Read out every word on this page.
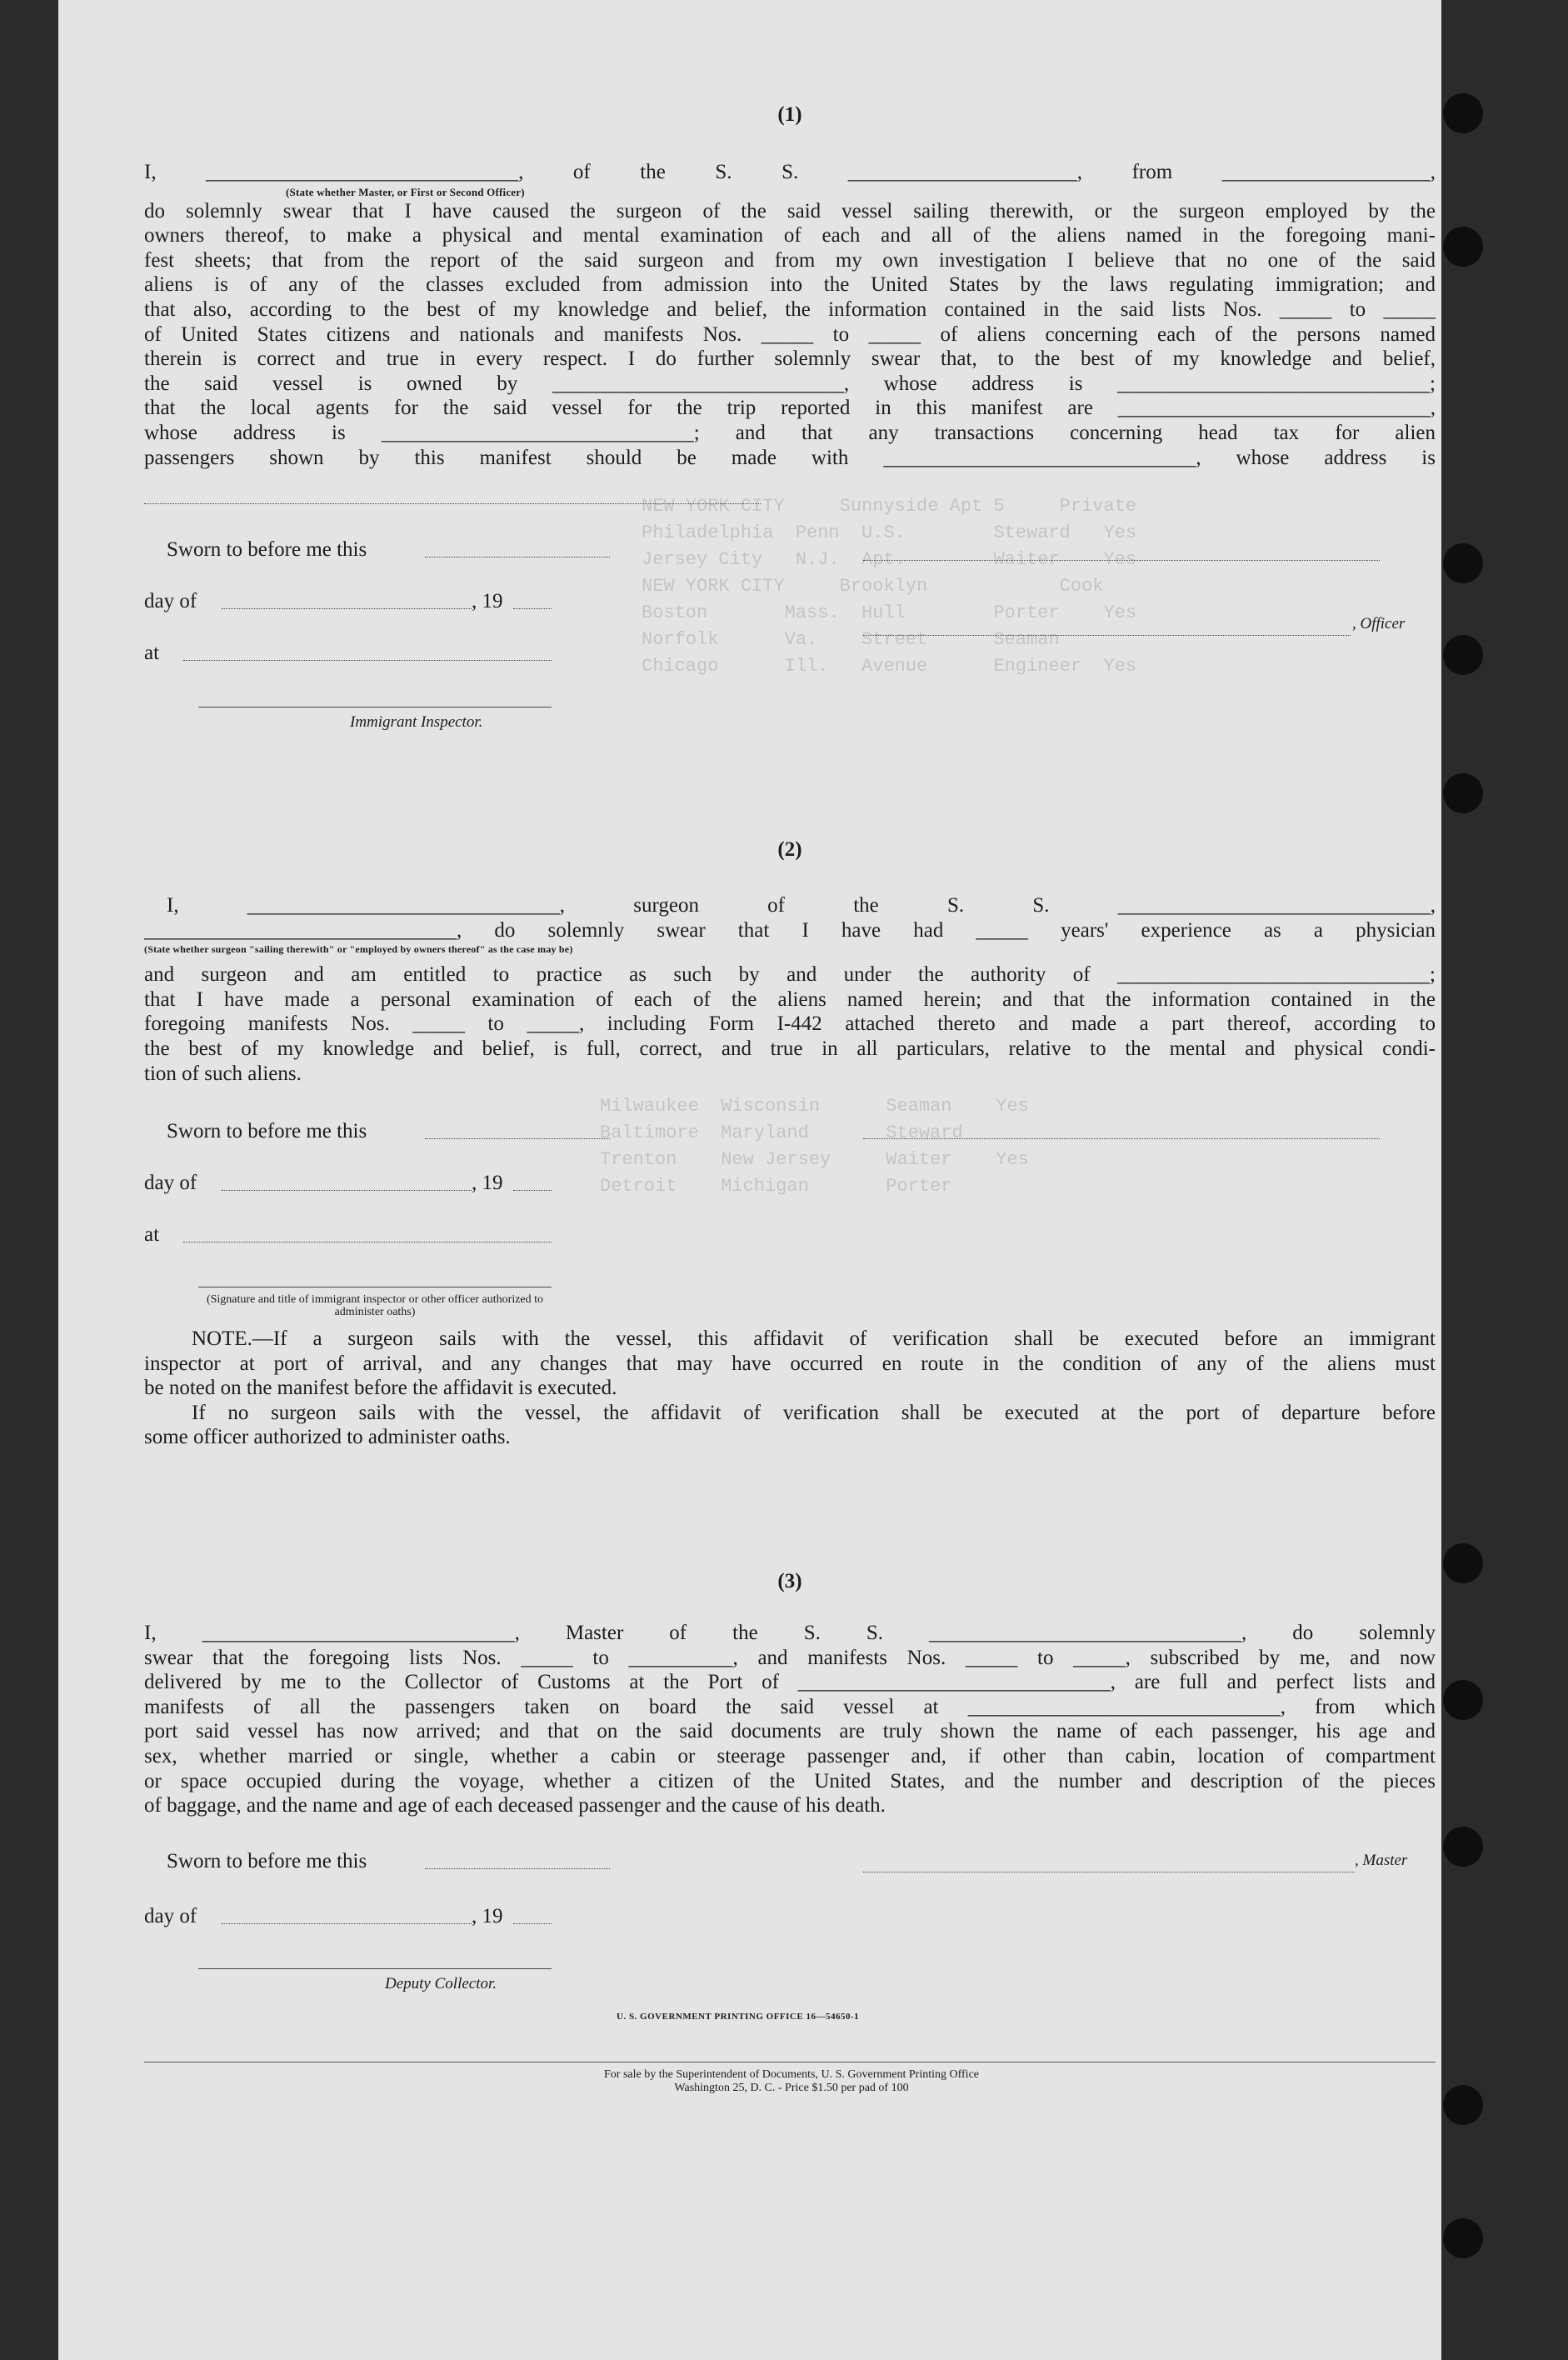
NEW YORK CITY     Sunnyside Apt 5     Private
Philadelphia  Penn  U.S.        Steward   Yes
Jersey City   N.J.  Apt.        Waiter    Yes
NEW YORK CITY     Brooklyn            Cook
Boston       Mass.  Hull        Porter    Yes
Norfolk      Va.    Street      Seaman
Chicago      Ill.   Avenue      Engineer  Yes

Milwaukee  Wisconsin      Seaman    Yes
Baltimore  Maryland       Steward
Trenton    New Jersey     Waiter    Yes
Detroit    Michigan       Porter

(1)

I, ______________________________, of the S. S. ______________________, from ____________________,

(State whether Master, or First or Second Officer)

do solemnly swear that I have caused the surgeon of the said vessel sailing therewith, or the surgeon employed by the

owners thereof, to make a physical and mental examination of each and all of the aliens named in the foregoing mani-

fest sheets; that from the report of the said surgeon and from my own investigation I believe that no one of the said

aliens is of any of the classes excluded from admission into the United States by the laws regulating immigration; and

that also, according to the best of my knowledge and belief, the information contained in the said lists Nos. _____ to _____

of United States citizens and nationals and manifests Nos. _____ to _____ of aliens concerning each of the persons named

therein is correct and true in every respect. I do further solemnly swear that, to the best of my knowledge and belief,

the said vessel is owned by ____________________________, whose address is ______________________________;

that the local agents for the said vessel for the trip reported in this manifest are ______________________________,

whose address is ______________________________; and that any transactions concerning head tax for alien

passengers shown by this manifest should be made with ______________________________, whose address is

Sworn to before me this
day of	, 19
at
Immigrant Inspector.
, Officer
(2)

I, ______________________________, surgeon of the S. S. ______________________________,

______________________________, do solemnly swear that I have had _____ years' experience as a physician

(State whether surgeon "sailing therewith" or "employed by owners thereof" as the case may be)

and surgeon and am entitled to practice as such by and under the authority of ______________________________;

that I have made a personal examination of each of the aliens named herein; and that the information contained in the

foregoing manifests Nos. _____ to _____, including Form I-442 attached thereto and made a part thereof, according to

the best of my knowledge and belief, is full, correct, and true in all particulars, relative to the mental and physical condi-

tion of such aliens.

Sworn to before me this
day of	, 19
at
(Signature and title of immigrant inspector or other officer authorized to administer oaths)

NOTE.—If a surgeon sails with the vessel, this affidavit of verification shall be executed before an immigrant

inspector at port of arrival, and any changes that may have occurred en route in the condition of any of the aliens must

be noted on the manifest before the affidavit is executed.

If no surgeon sails with the vessel, the affidavit of verification shall be executed at the port of departure before

some officer authorized to administer oaths.

(3)

I, ______________________________, Master of the S. S. ______________________________, do solemnly

swear that the foregoing lists Nos. _____ to __________, and manifests Nos. _____ to _____, subscribed by me, and now

delivered by me to the Collector of Customs at the Port of ______________________________, are full and perfect lists and

manifests of all the passengers taken on board the said vessel at ______________________________, from which

port said vessel has now arrived; and that on the said documents are truly shown the name of each passenger, his age and

sex, whether married or single, whether a cabin or steerage passenger and, if other than cabin, location of compartment

or space occupied during the voyage, whether a citizen of the United States, and the number and description of the pieces

of baggage, and the name and age of each deceased passenger and the cause of his death.

Sworn to before me this
day of	, 19
Deputy Collector.
, Master
U. S. GOVERNMENT PRINTING OFFICE 16—54650-1
For sale by the Superintendent of Documents, U. S. Government Printing Office
Washington 25, D. C. - Price $1.50 per pad of 100
